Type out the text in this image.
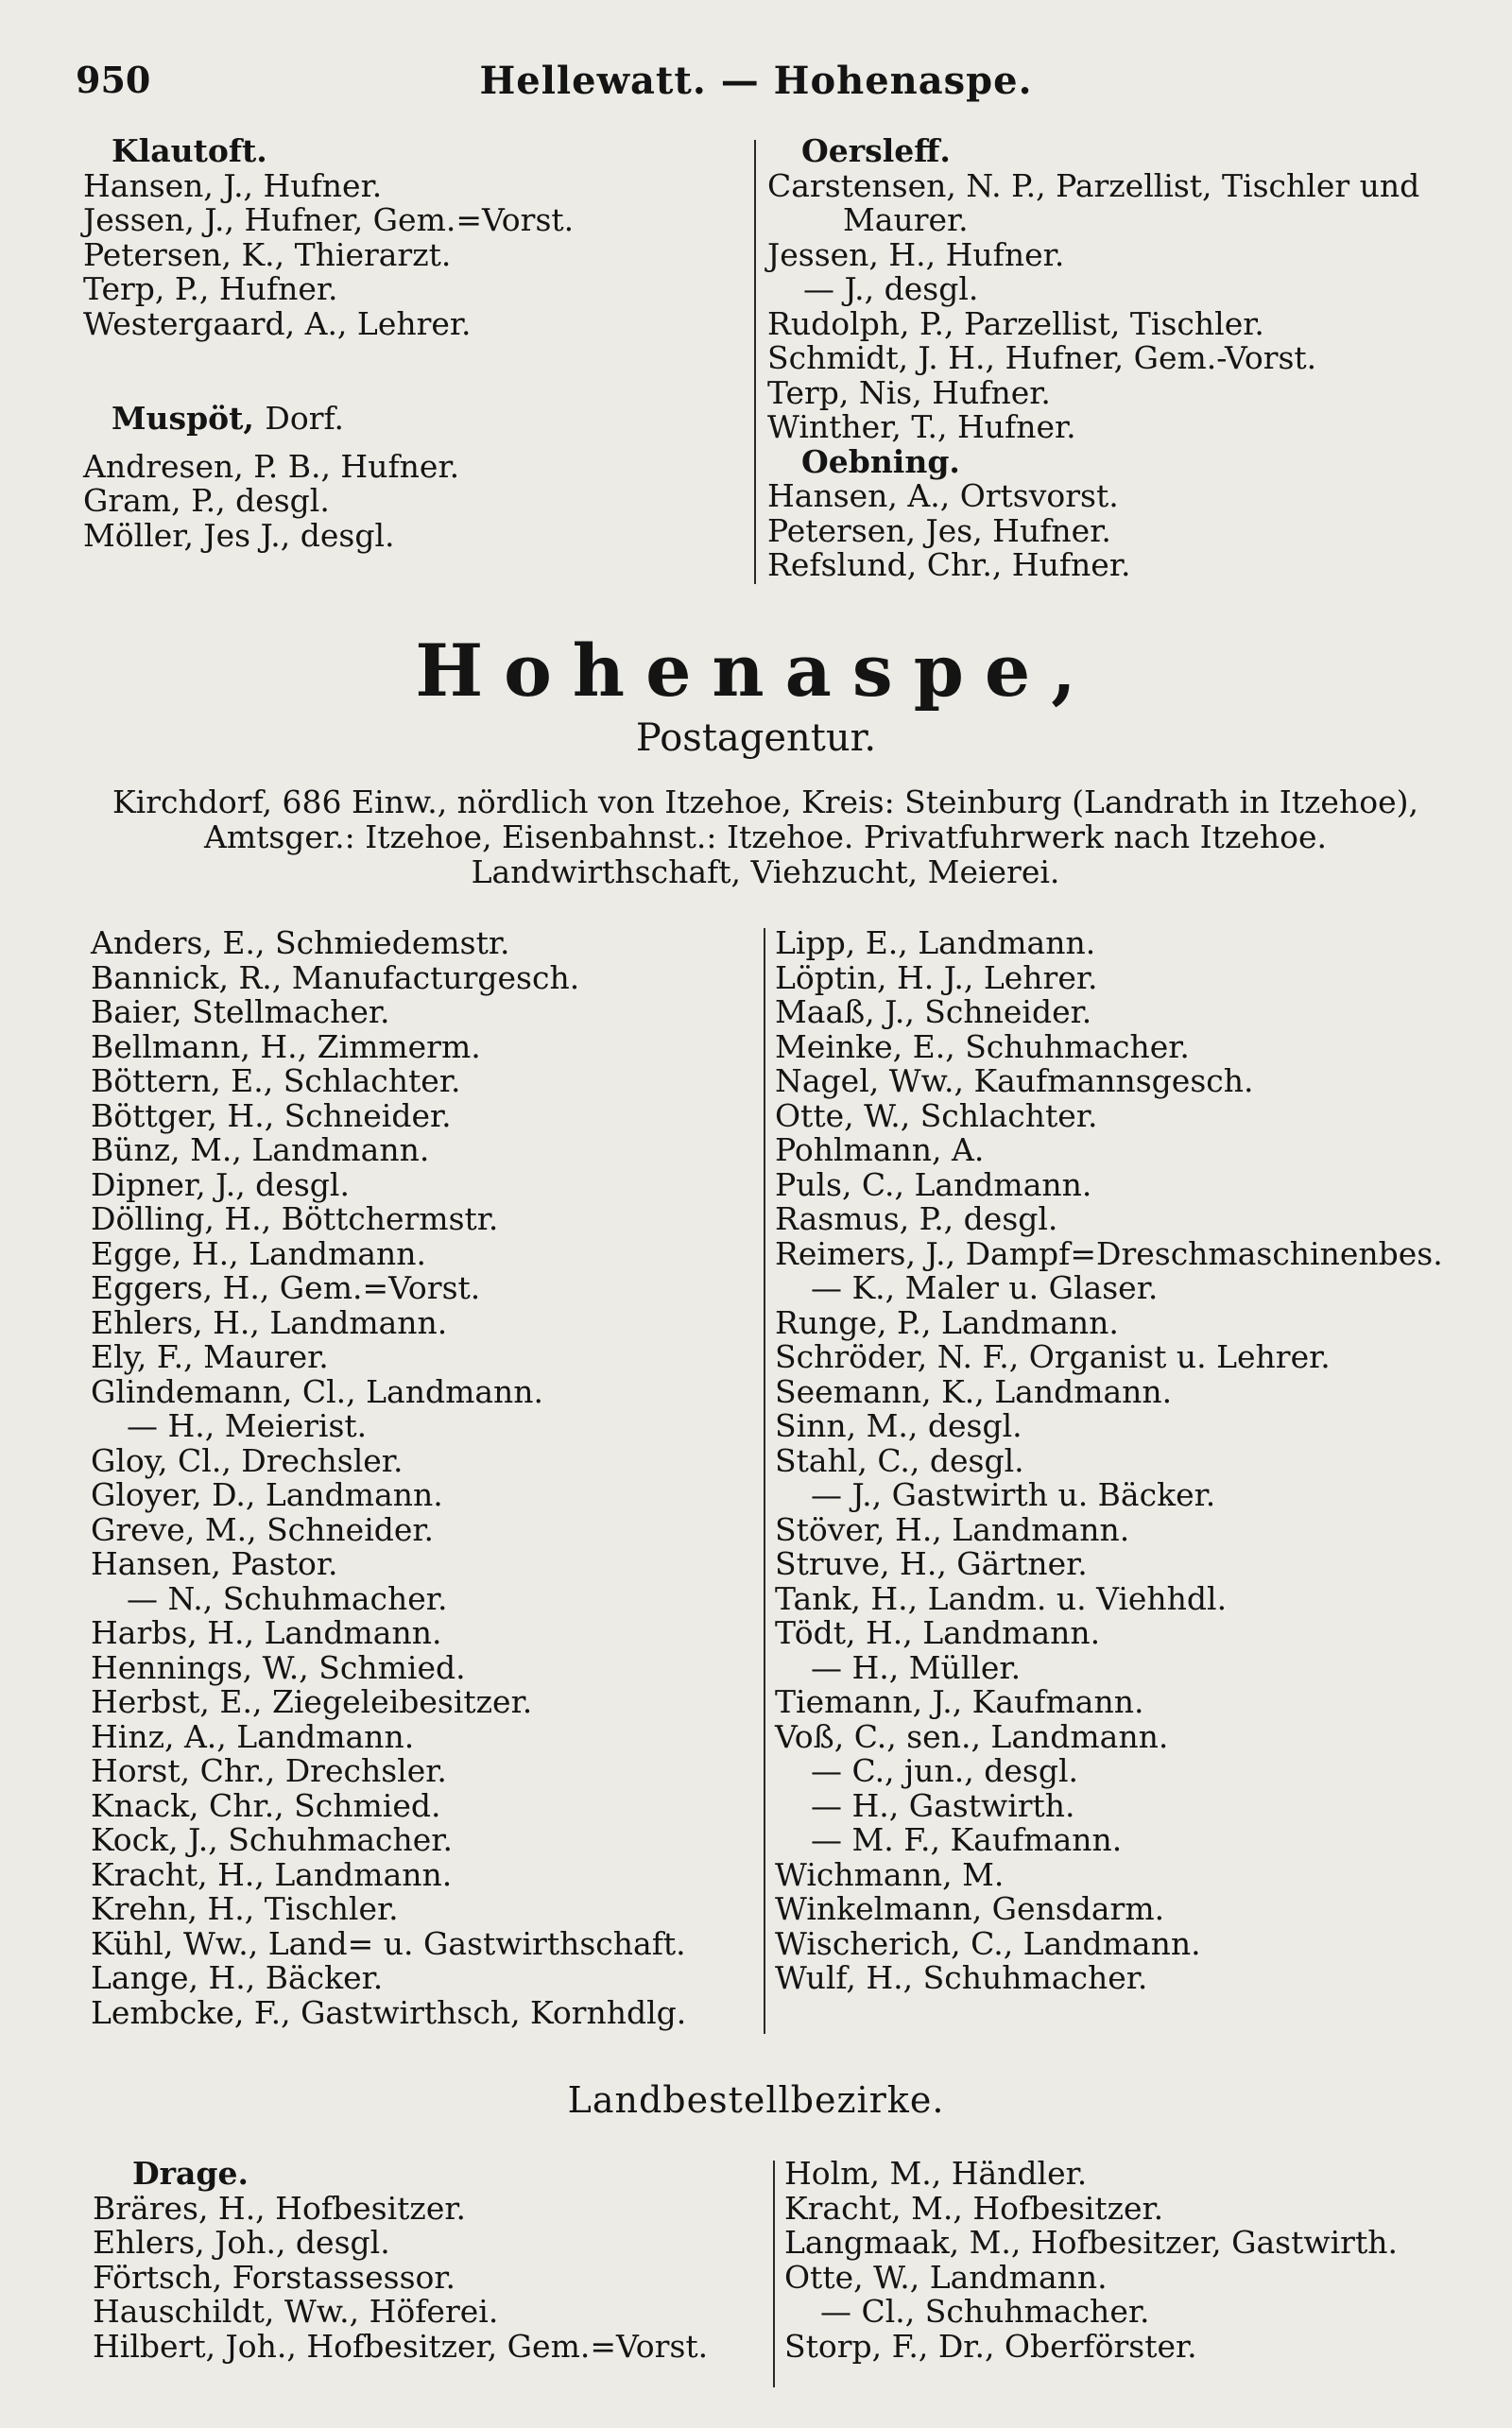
950	Hellewatt. — Hohenaspe.
Klautoft.
Hansen, J., Hufner.
Jessen, J., Hufner, Gem.=Vorst.
Petersen, K., Thierarzt.
Terp, P., Hufner.
Westergaard, A., Lehrer.
Muspöt, Dorf.
Andresen, P. B., Hufner.
Gram, P., desgl.
Möller, Jes J., desgl.
Oersleff.
Carstensen, N. P., Parzellist, Tischler und
Maurer.
Jessen, H., Hufner.
— J., desgl.
Rudolph, P., Parzellist, Tischler.
Schmidt, J. H., Hufner, Gem.-Vorst.
Terp, Nis, Hufner.
Winther, T., Hufner.
Oebning.
Hansen, A., Ortsvorst.
Petersen, Jes, Hufner.
Refslund, Chr., Hufner.
Hohenaspe,
Postagentur.
Kirchdorf, 686 Einw., nördlich von Itzehoe, Kreis: Steinburg (Landrath in Itzehoe),
Amtsger.: Itzehoe, Eisenbahnst.: Itzehoe. Privatfuhrwerk nach Itzehoe.
Landwirthschaft, Viehzucht, Meierei.
Anders, E., Schmiedemstr.
Bannick, R., Manufacturgesch.
Baier, Stellmacher.
Bellmann, H., Zimmerm.
Böttern, E., Schlachter.
Böttger, H., Schneider.
Bünz, M., Landmann.
Dipner, J., desgl.
Dölling, H., Böttchermstr.
Egge, H., Landmann.
Eggers, H., Gem.=Vorst.
Ehlers, H., Landmann.
Ely, F., Maurer.
Glindemann, Cl., Landmann.
— H., Meierist.
Gloy, Cl., Drechsler.
Gloyer, D., Landmann.
Greve, M., Schneider.
Hansen, Pastor.
— N., Schuhmacher.
Harbs, H., Landmann.
Hennings, W., Schmied.
Herbst, E., Ziegeleibesitzer.
Hinz, A., Landmann.
Horst, Chr., Drechsler.
Knack, Chr., Schmied.
Kock, J., Schuhmacher.
Kracht, H., Landmann.
Krehn, H., Tischler.
Kühl, Ww., Land= u. Gastwirthschaft.
Lange, H., Bäcker.
Lembcke, F., Gastwirthsch, Kornhdlg.
Lipp, E., Landmann.
Löptin, H. J., Lehrer.
Maaß, J., Schneider.
Meinke, E., Schuhmacher.
Nagel, Ww., Kaufmannsgesch.
Otte, W., Schlachter.
Pohlmann, A.
Puls, C., Landmann.
Rasmus, P., desgl.
Reimers, J., Dampf=Dreschmaschinenbes.
— K., Maler u. Glaser.
Runge, P., Landmann.
Schröder, N. F., Organist u. Lehrer.
Seemann, K., Landmann.
Sinn, M., desgl.
Stahl, C., desgl.
— J., Gastwirth u. Bäcker.
Stöver, H., Landmann.
Struve, H., Gärtner.
Tank, H., Landm. u. Viehhdl.
Tödt, H., Landmann.
— H., Müller.
Tiemann, J., Kaufmann.
Voß, C., sen., Landmann.
— C., jun., desgl.
— H., Gastwirth.
— M. F., Kaufmann.
Wichmann, M.
Winkelmann, Gensdarm.
Wischerich, C., Landmann.
Wulf, H., Schuhmacher.
Landbestellbezirke.
Drage.
Bräres, H., Hofbesitzer.
Ehlers, Joh., desgl.
Förtsch, Forstassessor.
Hauschildt, Ww., Höferei.
Hilbert, Joh., Hofbesitzer, Gem.=Vorst.
Holm, M., Händler.
Kracht, M., Hofbesitzer.
Langmaak, M., Hofbesitzer, Gastwirth.
Otte, W., Landmann.
— Cl., Schuhmacher.
Storp, F., Dr., Oberförster.
